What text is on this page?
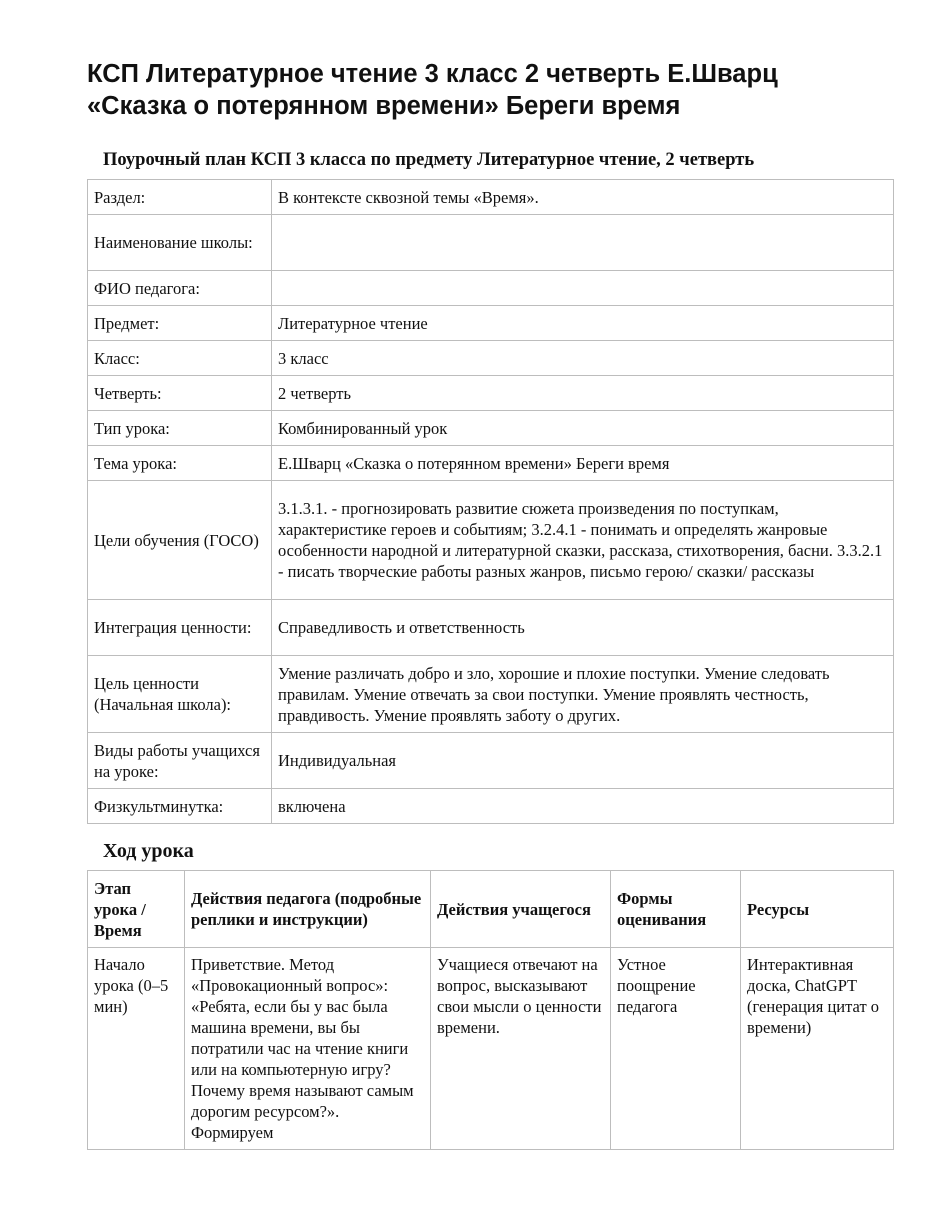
КСП Литературное чтение 3 класс 2 четверть Е.Шварц
«Сказка о потерянном времени» Береги время
Поурочный план КСП 3 класса по предмету Литературное чтение, 2 четверть
Раздел:	В контексте сквозной темы «Время».
Наименование школы:	
ФИО педагога:	
Предмет:	Литературное чтение
Класс:	3 класс
Четверть:	2 четверть
Тип урока:	Комбинированный урок
Тема урока:	Е.Шварц «Сказка о потерянном времени» Береги время
Цели обучения (ГОСО)	3.1.3.1. - прогнозировать развитие сюжета произведения по поступкам, характеристике героев и событиям; 3.2.4.1 - понимать и определять жанровые особенности народной и литературной сказки, рассказа, стихотворения, басни. 3.3.2.1 - писать творческие работы разных жанров, письмо герою/ сказки/ рассказы
Интеграция ценности:	Справедливость и ответственность
Цель ценности (Начальная школа):	Умение различать добро и зло, хорошие и плохие поступки. Умение следовать правилам. Умение отвечать за свои поступки. Умение проявлять честность, правдивость. Умение проявлять заботу о других.
Виды работы учащихся на уроке:	Индивидуальная
Физкультминутка:	включена
Ход урока
Этап урока / Время	Действия педагога (подробные реплики и инструкции)	Действия учащегося	Формы оценивания	Ресурсы
Начало урока (0–5 мин)	Приветствие. Метод «Провокационный вопрос»: «Ребята, если бы у вас была машина времени, вы бы потратили час на чтение книги или на компьютерную игру? Почему время называют самым дорогим ресурсом?». Формируем	Учащиеся отвечают на вопрос, высказывают свои мысли о ценности времени.	Устное поощрение педагога	Интерактивная доска, ChatGPT (генерация цитат о времени)
